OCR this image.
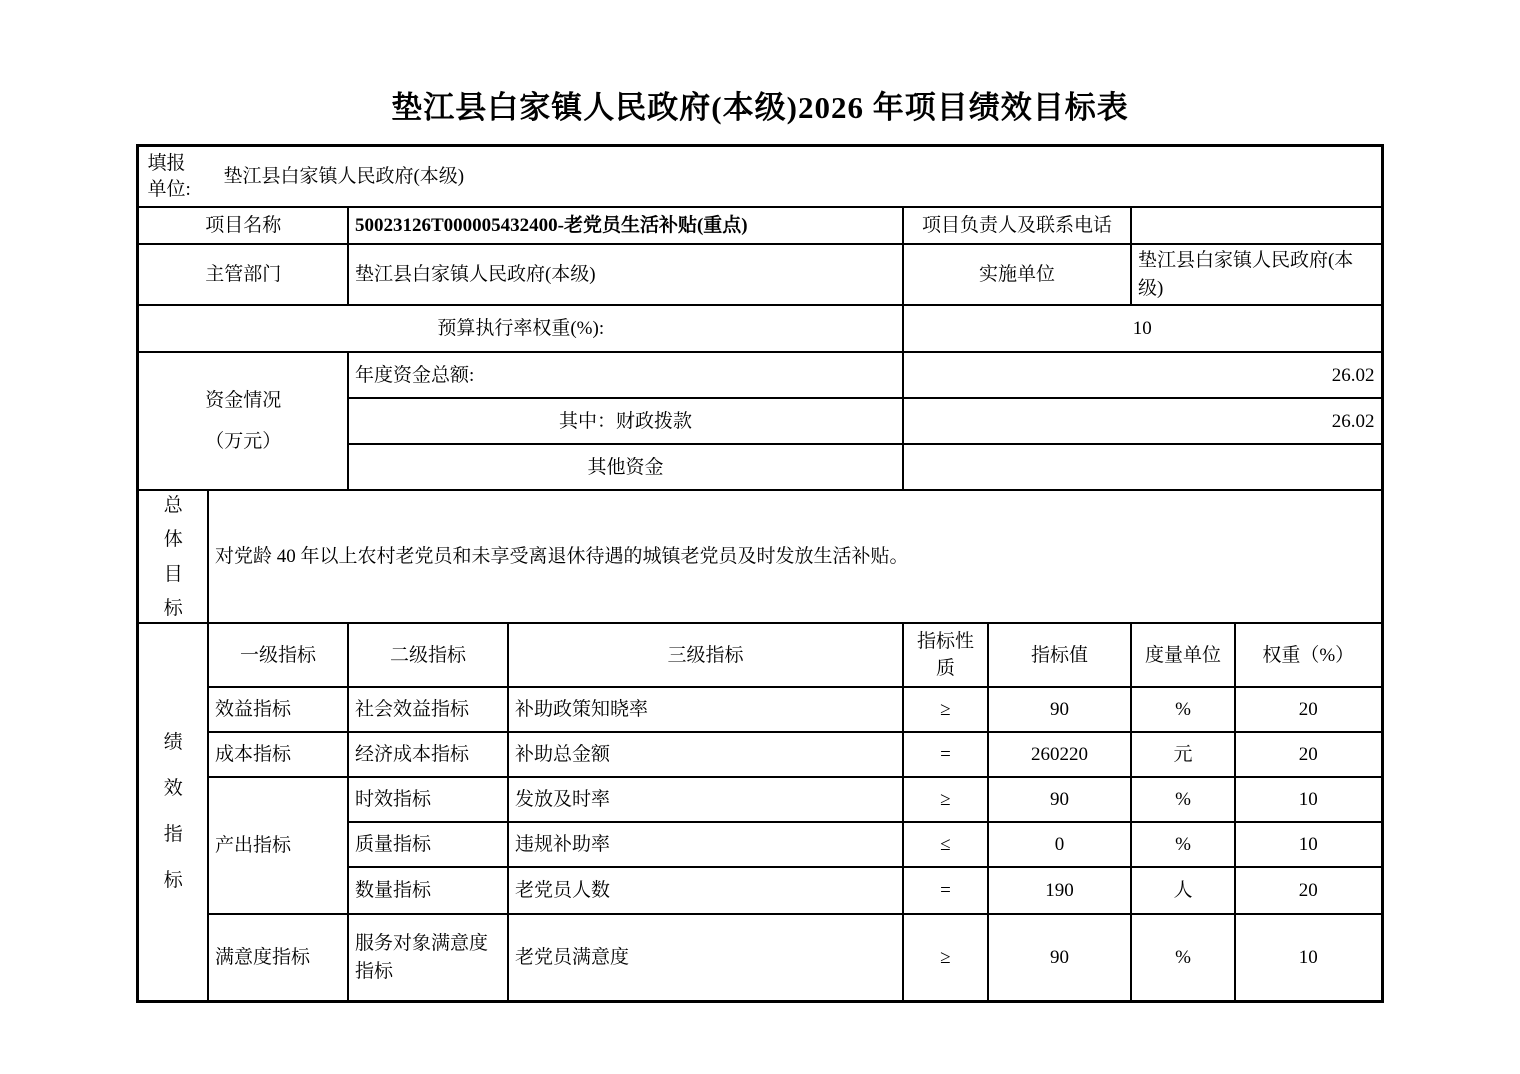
垫江县白家镇人民政府(本级)2026 年项目绩效目标表
填报单位:
垫江县白家镇人民政府(本级)							

项目名称		50023126T000005432400-老党员生活补贴(重点)		项目负责人及联系电话			
主管部门		垫江县白家镇人民政府(本级)		实施单位		垫江县白家镇人民政府(本级)	
预算执行率权重(%):				10			

资金情况
（万元）		年度资金总额:		26.02			
		其中：财政拨款		26.02			
		其他资金					

总
体
目
标	对党龄 40 年以上农村老党员和未享受离退休待遇的城镇老党员及时发放生活补贴。						

绩
效
指
标	一级指标	二级指标	三级指标	指标性质	指标值	度量单位	权重（%）
	效益指标	社会效益指标	补助政策知晓率	≥	90	%	20
	成本指标	经济成本指标	补助总金额	=	260220	元	20
	产出指标	时效指标	发放及时率	≥	90	%	10
		质量指标	违规补助率	≤	0	%	10
		数量指标	老党员人数	=	190	人	20
	满意度指标	服务对象满意度指标	老党员满意度	≥	90	%	10
